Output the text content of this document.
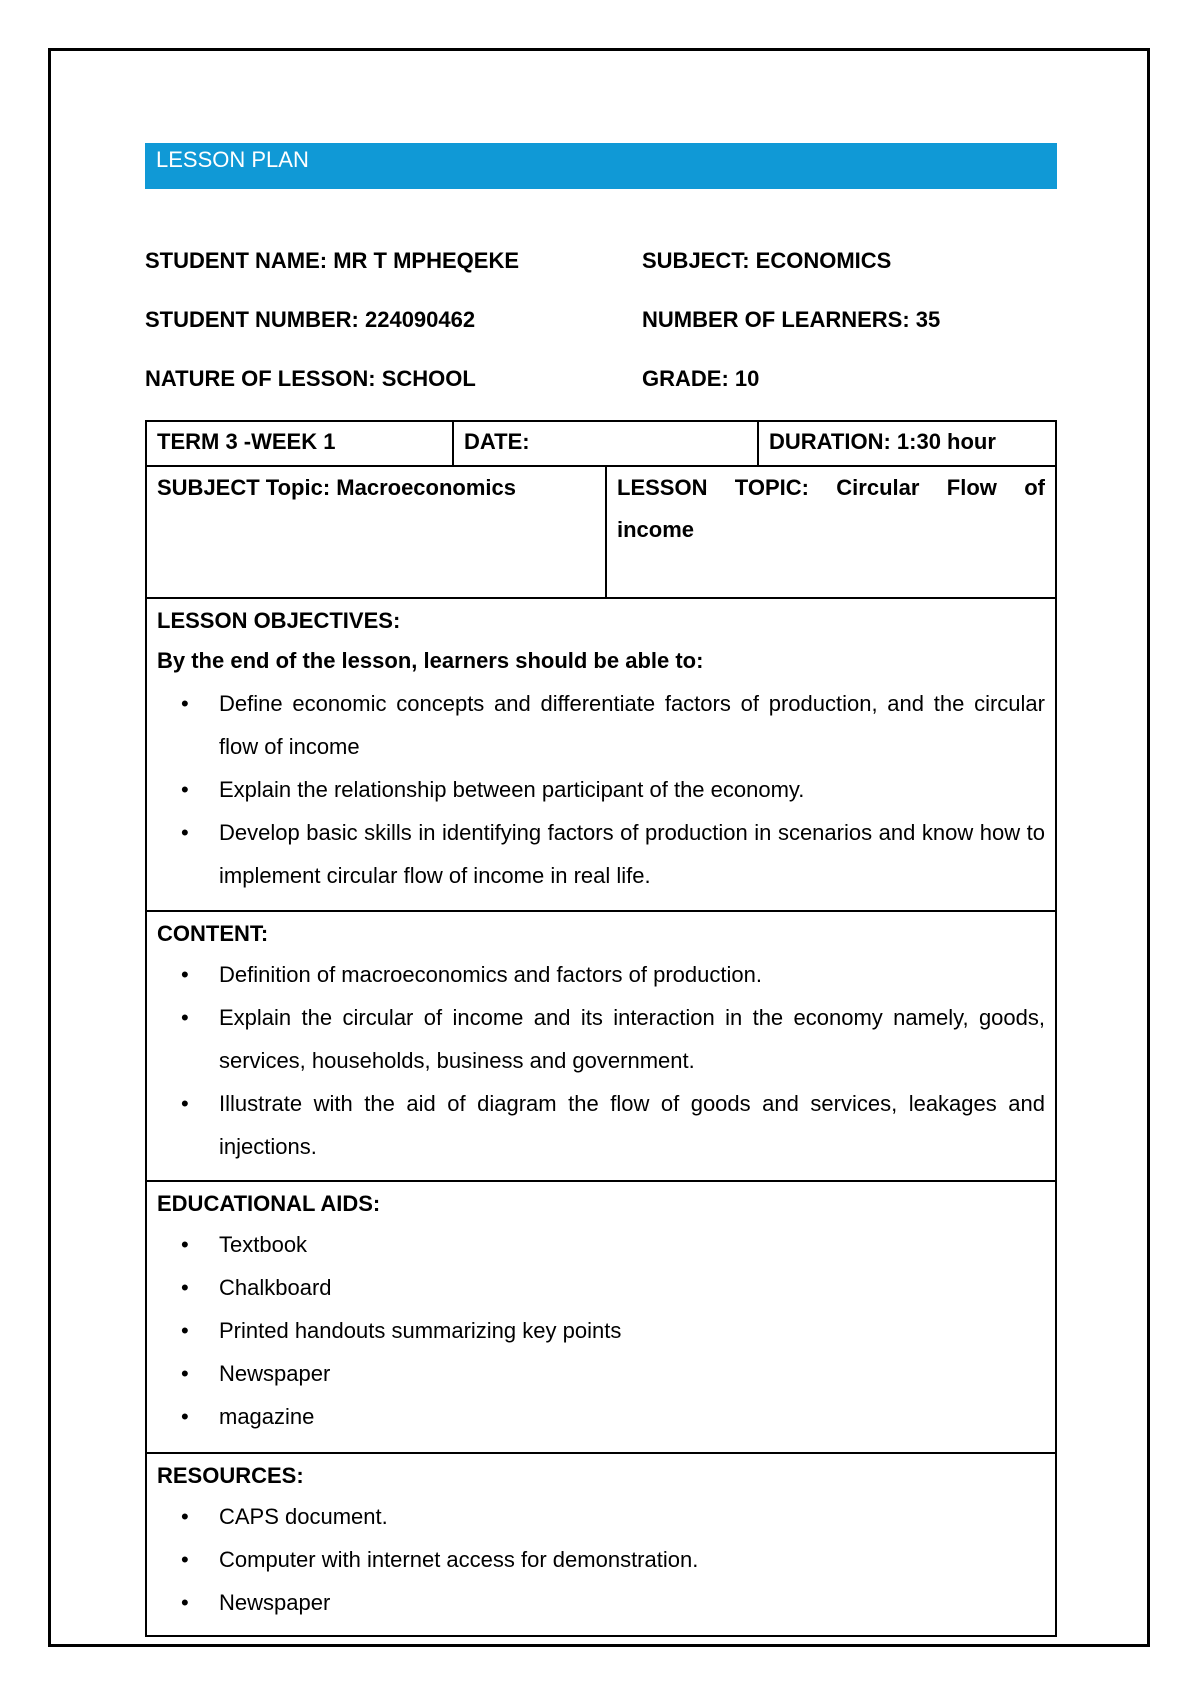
LESSON PLAN
STUDENT NAME: MR T MPHEQEKE	SUBJECT: ECONOMICS
STUDENT NUMBER: 224090462	NUMBER OF LEARNERS: 35
NATURE OF LESSON: SCHOOL	GRADE: 10
TERM 3 -WEEK 1	DATE:	DURATION: 1:30 hour
SUBJECT Topic: Macroeconomics	LESSON TOPIC: Circular Flow of
income
LESSON OBJECTIVES:
By the end of the lesson, learners should be able to:
• Define economic concepts and differentiate factors of production, and the circular flow of income
• Explain the relationship between participant of the economy.
• Develop basic skills in identifying factors of production in scenarios and know how to implement circular flow of income in real life.
CONTENT:
• Definition of macroeconomics and factors of production.
• Explain the circular of income and its interaction in the economy namely, goods, services, households, business and government.
• Illustrate with the aid of diagram the flow of goods and services, leakages and injections.
EDUCATIONAL AIDS:
• Textbook
• Chalkboard
• Printed handouts summarizing key points
• Newspaper
• magazine
RESOURCES:
• CAPS document.
• Computer with internet access for demonstration.
• Newspaper
